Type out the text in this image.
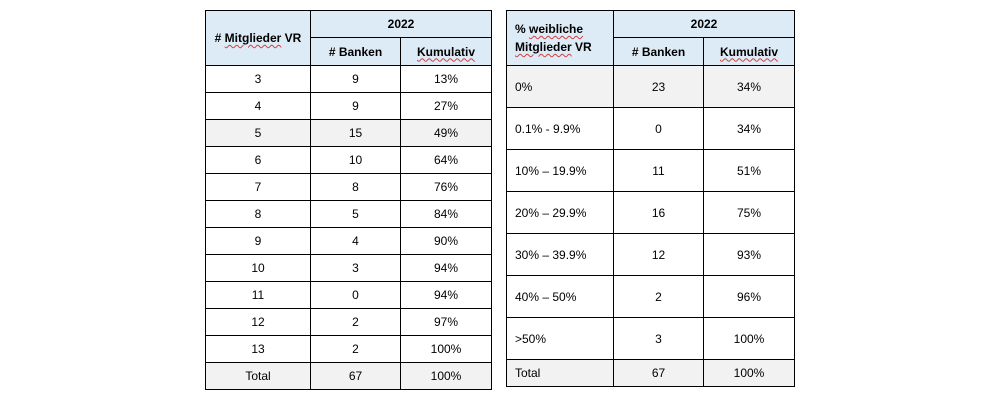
# Mitglieder VR	2022	
	# Banken	Kumulativ
3	9	13%
4	9	27%
5	15	49%
6	10	64%
7	8	76%
8	5	84%
9	4	90%
10	3	94%
11	0	94%
12	2	97%
13	2	100%
Total	67	100%
% weibliche
Mitglieder VR	2022	
	# Banken	Kumulativ
0%	23	34%
0.1% - 9.9%	0	34%
10% – 19.9%	11	51%
20% – 29.9%	16	75%
30% – 39.9%	12	93%
40% – 50%	2	96%
>50%	3	100%
Total	67	100%
